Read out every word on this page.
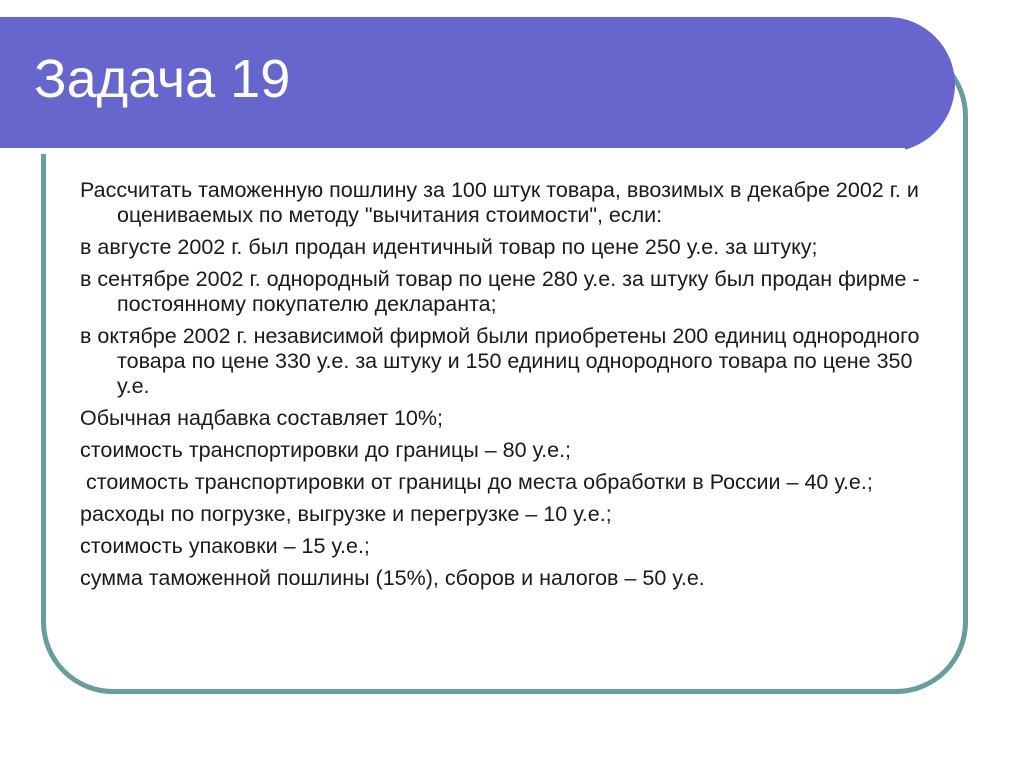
Задача 19
Рассчитать таможенную пошлину за 100 штук товара, ввозимых в декабре 2002 г. и оцениваемых по методу "вычитания стоимости", если:
в августе 2002 г. был продан идентичный товар по цене 250 у.е. за штуку;
в сентябре 2002 г. однородный товар по цене 280 у.е. за штуку был продан фирме - постоянному покупателю декларанта;
в октябре 2002 г. независимой фирмой были приобретены 200 единиц однородного товара по цене 330 у.е. за штуку и 150 единиц однородного товара по цене 350 у.е.
Обычная надбавка составляет 10%;
стоимость транспортировки до границы – 80 у.е.;
стоимость транспортировки от границы до места обработки в России – 40 у.е.;
расходы по погрузке, выгрузке и перегрузке – 10 у.е.;
стоимость упаковки – 15 у.е.;
сумма таможенной пошлины (15%), сборов и налогов – 50 у.е.
